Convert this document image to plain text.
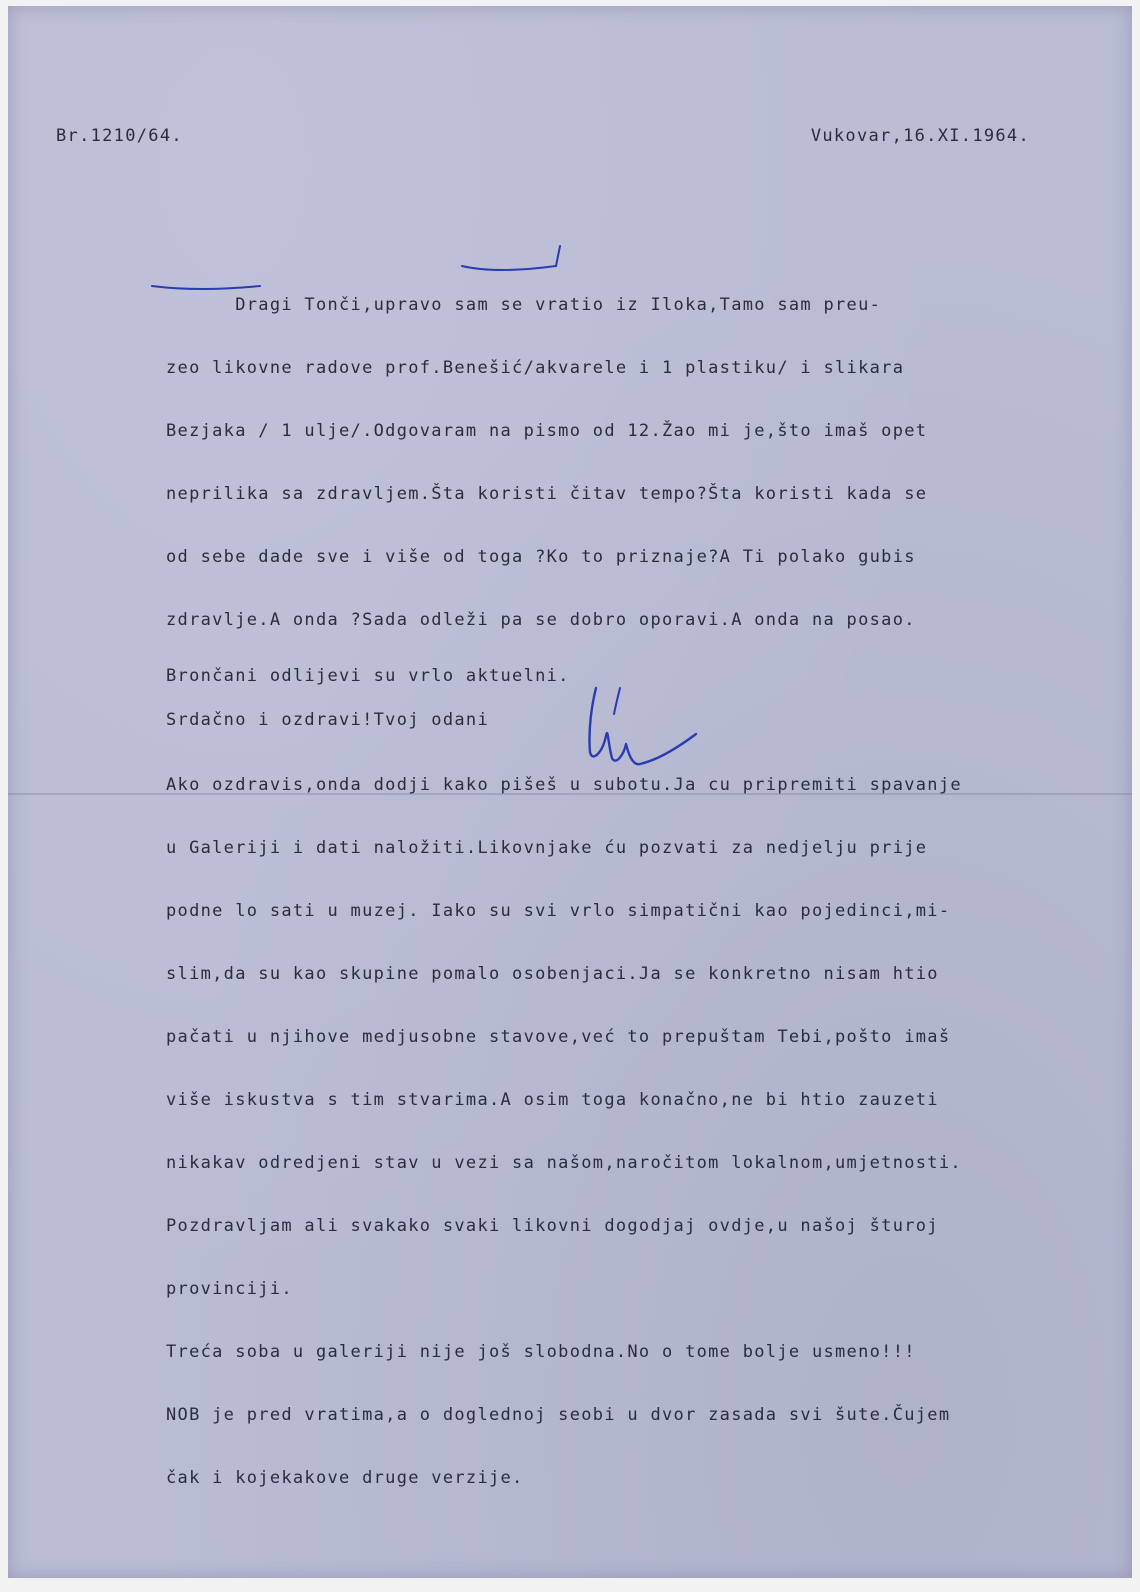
Br.1210/64.	Vukovar,16.XI.1964.

Dragi Tonči,upravo sam se vratio iz Iloka,Tamo sam preu-

zeo likovne radove prof.Benešić/akvarele i 1 plastiku/ i slikara

Bezjaka / 1 ulje/.Odgovaram na pismo od 12.Žao mi je,što imaš opet

neprilika sa zdravljem.Šta koristi čitav tempo?Šta koristi kada se

od sebe dade sve i više od toga ?Ko to priznaje?A Ti polako gubis

zdravlje.A onda ?Sada odleži pa se dobro oporavi.A onda na posao.

Ako ozdravis,onda dodji kako pišeš u subotu.Ja cu pripremiti spavanje

u Galeriji i dati naložiti.Likovnjake ću pozvati za nedjelju prije

podne lo sati u muzej. Iako su svi vrlo simpatični kao pojedinci,mi-

slim,da su kao skupine pomalo osobenjaci.Ja se konkretno nisam htio

pačati u njihove medjusobne stavove,već to prepuštam Tebi,pošto imaš

više iskustva s tim stvarima.A osim toga konačno,ne bi htio zauzeti

nikakav odredjeni stav u vezi sa našom,naročitom lokalnom,umjetnosti.

Pozdravljam ali svakako svaki likovni dogodjaj ovdje,u našoj šturoj

provinciji.

Treća soba u galeriji nije još slobodna.No o tome bolje usmeno!!!

NOB je pred vratima,a o doglednoj seobi u dvor zasada svi šute.Čujem

čak i kojekakove druge verzije.

Brončani odlijevi su vrlo aktuelni.
Srdačno i ozdravi!Tvoj odani
